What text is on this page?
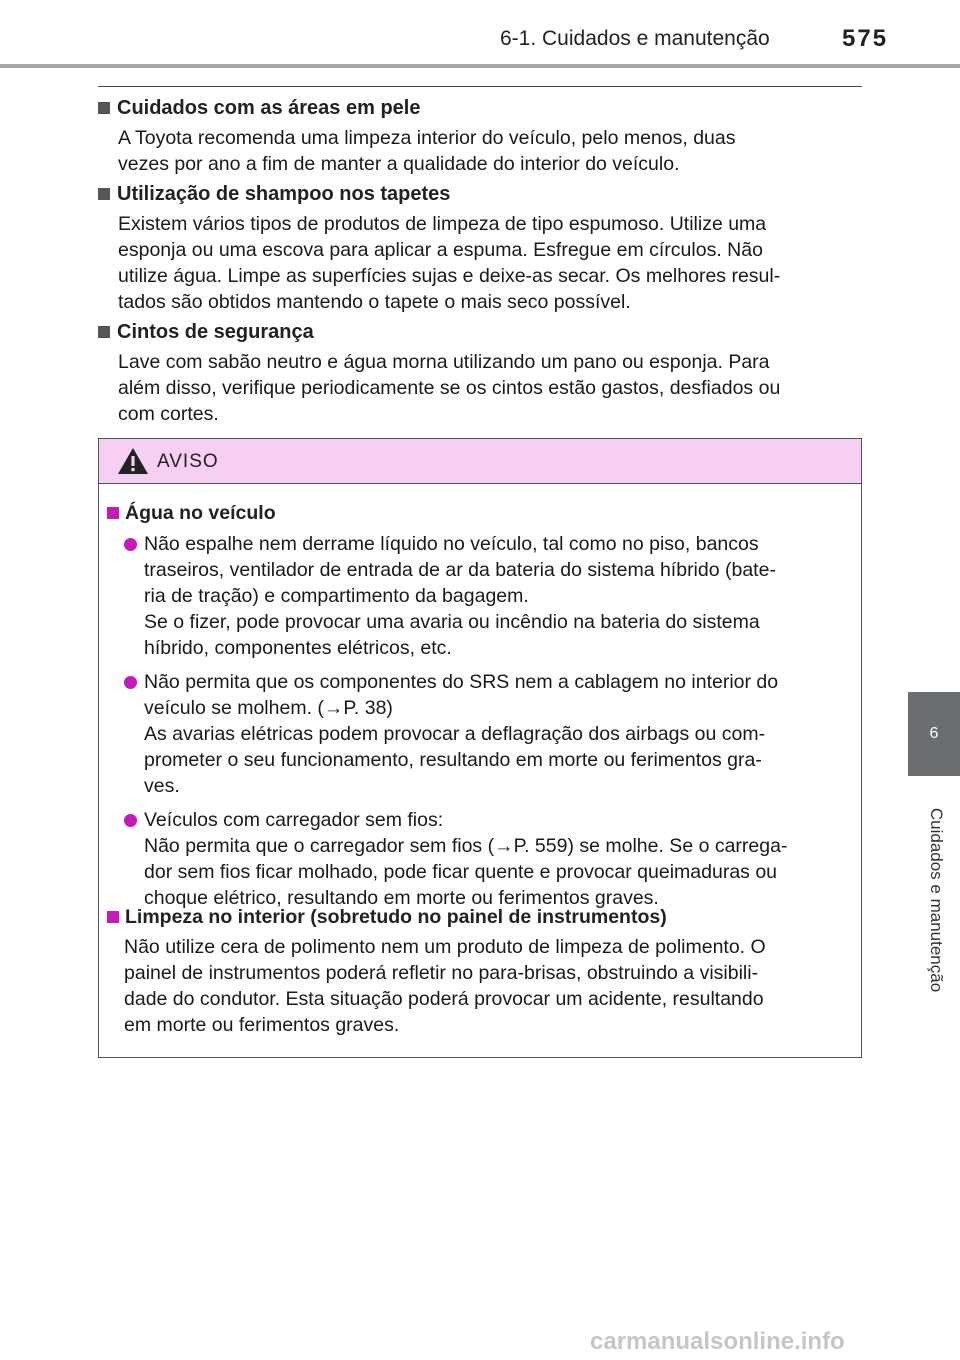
6-1. Cuidados e manutenção	575
6
Cuidados e manutenção
Cuidados com as áreas em pele
A Toyota recomenda uma limpeza interior do veículo, pelo menos, duas
vezes por ano a fim de manter a qualidade do interior do veículo.
Utilização de shampoo nos tapetes
Existem vários tipos de produtos de limpeza de tipo espumoso. Utilize uma
esponja ou uma escova para aplicar a espuma. Esfregue em círculos. Não
utilize água. Limpe as superfícies sujas e deixe-as secar. Os melhores resul-
tados são obtidos mantendo o tapete o mais seco possível.
Cintos de segurança
Lave com sabão neutro e água morna utilizando um pano ou esponja. Para
além disso, verifique periodicamente se os cintos estão gastos, desfiados ou
com cortes.
AVISO
Água no veículo
Não espalhe nem derrame líquido no veículo, tal como no piso, bancos
traseiros, ventilador de entrada de ar da bateria do sistema híbrido (bate-
ria de tração) e compartimento da bagagem.
Se o fizer, pode provocar uma avaria ou incêndio na bateria do sistema
híbrido, componentes elétricos, etc.
Não permita que os componentes do SRS nem a cablagem no interior do
veículo se molhem. (→P. 38)
As avarias elétricas podem provocar a deflagração dos airbags ou com-
prometer o seu funcionamento, resultando em morte ou ferimentos gra-
ves.
Veículos com carregador sem fios:
Não permita que o carregador sem fios (→P. 559) se molhe. Se o carrega-
dor sem fios ficar molhado, pode ficar quente e provocar queimaduras ou
choque elétrico, resultando em morte ou ferimentos graves.
Limpeza no interior (sobretudo no painel de instrumentos)
Não utilize cera de polimento nem um produto de limpeza de polimento. O
painel de instrumentos poderá refletir no para-brisas, obstruindo a visibili-
dade do condutor. Esta situação poderá provocar um acidente, resultando
em morte ou ferimentos graves.
carmanualsonline.info
